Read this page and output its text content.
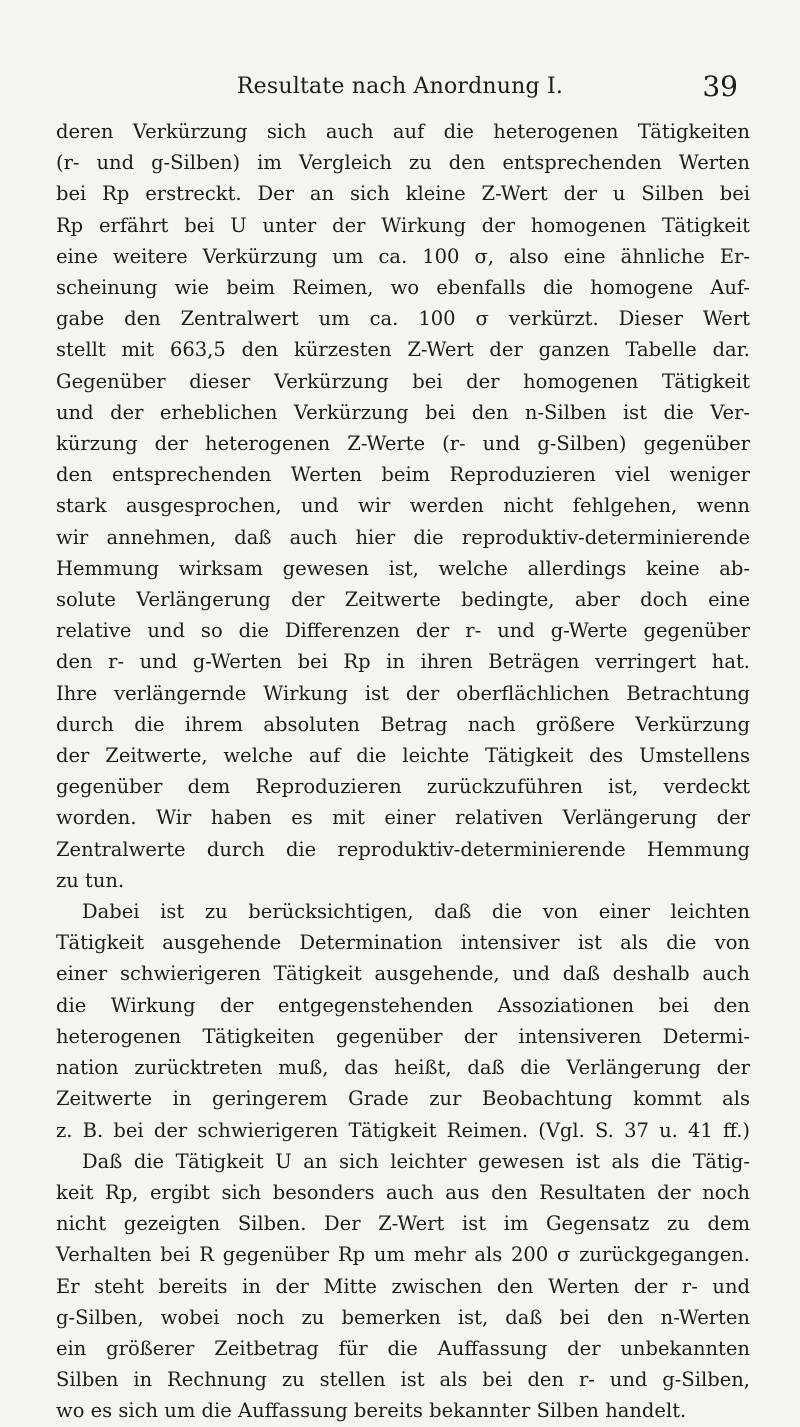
Resultate nach Anordnung I.	39
deren Verkürzung sich auch auf die heterogenen Tätigkeiten
(r- und g-Silben) im Vergleich zu den entsprechenden Werten
bei Rp erstreckt. Der an sich kleine Z-Wert der u Silben bei
Rp erfährt bei U unter der Wirkung der homogenen Tätigkeit
eine weitere Verkürzung um ca. 100 σ, also eine ähnliche Er-
scheinung wie beim Reimen, wo ebenfalls die homogene Auf-
gabe den Zentralwert um ca. 100 σ verkürzt. Dieser Wert
stellt mit 663,5 den kürzesten Z-Wert der ganzen Tabelle dar.
Gegenüber dieser Verkürzung bei der homogenen Tätigkeit
und der erheblichen Verkürzung bei den n-Silben ist die Ver-
kürzung der heterogenen Z-Werte (r- und g-Silben) gegenüber
den entsprechenden Werten beim Reproduzieren viel weniger
stark ausgesprochen, und wir werden nicht fehlgehen, wenn
wir annehmen, daß auch hier die reproduktiv-determinierende
Hemmung wirksam gewesen ist, welche allerdings keine ab-
solute Verlängerung der Zeitwerte bedingte, aber doch eine
relative und so die Differenzen der r- und g-Werte gegenüber
den r- und g-Werten bei Rp in ihren Beträgen verringert hat.
Ihre verlängernde Wirkung ist der oberflächlichen Betrachtung
durch die ihrem absoluten Betrag nach größere Verkürzung
der Zeitwerte, welche auf die leichte Tätigkeit des Umstellens
gegenüber dem Reproduzieren zurückzuführen ist, verdeckt
worden. Wir haben es mit einer relativen Verlängerung der
Zentralwerte durch die reproduktiv-determinierende Hemmung
zu tun.
Dabei ist zu berücksichtigen, daß die von einer leichten
Tätigkeit ausgehende Determination intensiver ist als die von
einer schwierigeren Tätigkeit ausgehende, und daß deshalb auch
die Wirkung der entgegenstehenden Assoziationen bei den
heterogenen Tätigkeiten gegenüber der intensiveren Determi-
nation zurücktreten muß, das heißt, daß die Verlängerung der
Zeitwerte in geringerem Grade zur Beobachtung kommt als
z. B. bei der schwierigeren Tätigkeit Reimen. (Vgl. S. 37 u. 41 ff.)
Daß die Tätigkeit U an sich leichter gewesen ist als die Tätig-
keit Rp, ergibt sich besonders auch aus den Resultaten der noch
nicht gezeigten Silben. Der Z-Wert ist im Gegensatz zu dem
Verhalten bei R gegenüber Rp um mehr als 200 σ zurückgegangen.
Er steht bereits in der Mitte zwischen den Werten der r- und
g-Silben, wobei noch zu bemerken ist, daß bei den n-Werten
ein größerer Zeitbetrag für die Auffassung der unbekannten
Silben in Rechnung zu stellen ist als bei den r- und g-Silben,
wo es sich um die Auffassung bereits bekannter Silben handelt.
